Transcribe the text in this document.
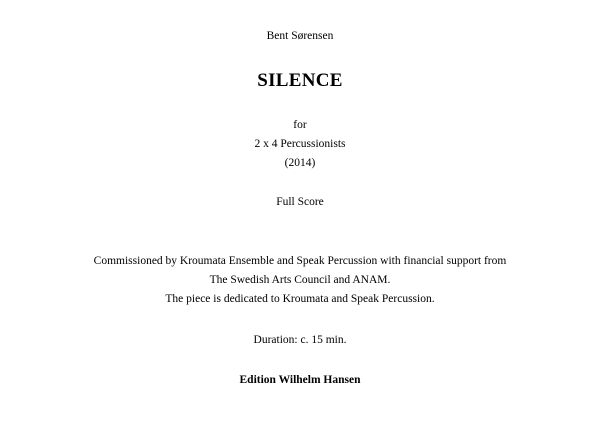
Bent Sørensen
SILENCE
for
2 x 4 Percussionists
(2014)
Full Score
Commissioned by Kroumata Ensemble and Speak Percussion with financial support from
The Swedish Arts Council and ANAM.
The piece is dedicated to Kroumata and Speak Percussion.
Duration: c. 15 min.
Edition Wilhelm Hansen
